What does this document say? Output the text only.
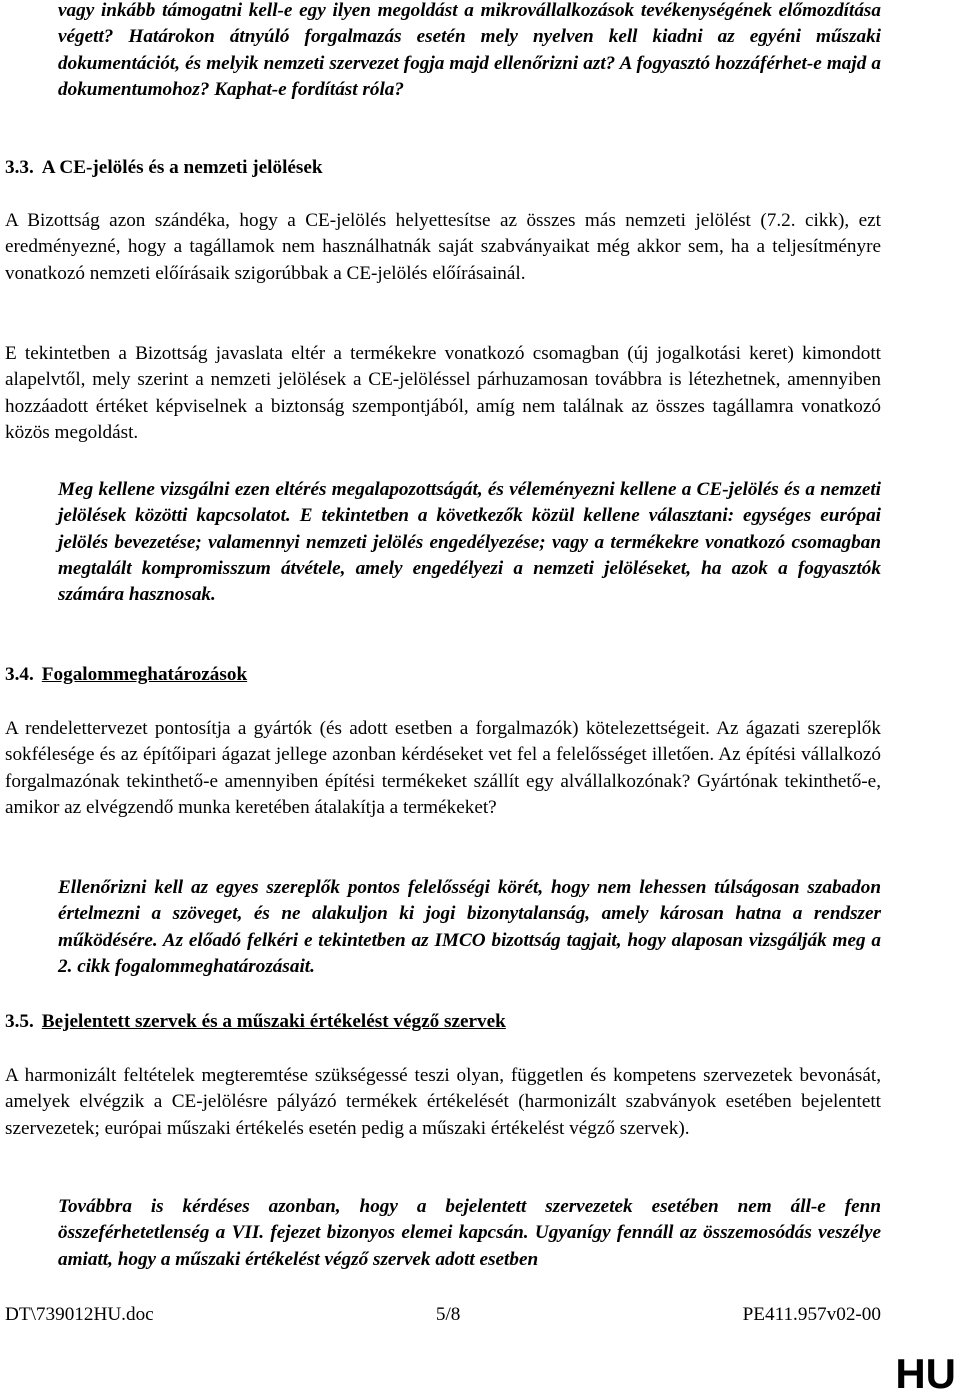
vagy inkább támogatni kell-e egy ilyen megoldást a mikrovállalkozások tevékenységének előmozdítása végett? Határokon átnyúló forgalmazás esetén mely nyelven kell kiadni az egyéni műszaki dokumentációt, és melyik nemzeti szervezet fogja majd ellenőrizni azt? A fogyasztó hozzáférhet-e majd a dokumentumohoz? Kaphat-e fordítást róla?

3.3. A CE-jelölés és a nemzeti jelölések

A Bizottság azon szándéka, hogy a CE-jelölés helyettesítse az összes más nemzeti jelölést (7.2. cikk), ezt eredményezné, hogy a tagállamok nem használhatnák saját szabványaikat még akkor sem, ha a teljesítményre vonatkozó nemzeti előírásaik szigorúbbak a CE-jelölés előírásainál.

E tekintetben a Bizottság javaslata eltér a termékekre vonatkozó csomagban (új jogalkotási keret) kimondott alapelvtől, mely szerint a nemzeti jelölések a CE-jelöléssel párhuzamosan továbbra is létezhetnek, amennyiben hozzáadott értéket képviselnek a biztonság szempontjából, amíg nem találnak az összes tagállamra vonatkozó közös megoldást.

Meg kellene vizsgálni ezen eltérés megalapozottságát, és véleményezni kellene a CE-jelölés és a nemzeti jelölések közötti kapcsolatot. E tekintetben a következők közül kellene választani: egységes európai jelölés bevezetése; valamennyi nemzeti jelölés engedélyezése; vagy a termékekre vonatkozó csomagban megtalált kompromisszum átvétele, amely engedélyezi a nemzeti jelöléseket, ha azok a fogyasztók számára hasznosak.

3.4. Fogalommeghatározások

A rendelettervezet pontosítja a gyártók (és adott esetben a forgalmazók) kötelezettségeit. Az ágazati szereplők sokfélesége és az építőipari ágazat jellege azonban kérdéseket vet fel a felelősséget illetően. Az építési vállalkozó forgalmazónak tekinthető-e amennyiben építési termékeket szállít egy alvállalkozónak? Gyártónak tekinthető-e, amikor az elvégzendő munka keretében átalakítja a termékeket?

Ellenőrizni kell az egyes szereplők pontos felelősségi körét, hogy nem lehessen túlságosan szabadon értelmezni a szöveget, és ne alakuljon ki jogi bizonytalanság, amely károsan hatna a rendszer működésére. Az előadó felkéri e tekintetben az IMCO bizottság tagjait, hogy alaposan vizsgálják meg a 2. cikk fogalommeghatározásait.

3.5. Bejelentett szervek és a műszaki értékelést végző szervek

A harmonizált feltételek megteremtése szükségessé teszi olyan, független és kompetens szervezetek bevonását, amelyek elvégzik a CE-jelölésre pályázó termékek értékelését (harmonizált szabványok esetében bejelentett szervezetek; európai műszaki értékelés esetén pedig a műszaki értékelést végző szervek).

Továbbra is kérdéses azonban, hogy a bejelentett szervezetek esetében nem áll-e fenn összeférhetetlenség a VII. fejezet bizonyos elemei kapcsán. Ugyanígy fennáll az összemosódás veszélye amiatt, hogy a műszaki értékelést végző szervek adott esetben

DT\739012HU.doc	5/8	PE411.957v02-00
HU
